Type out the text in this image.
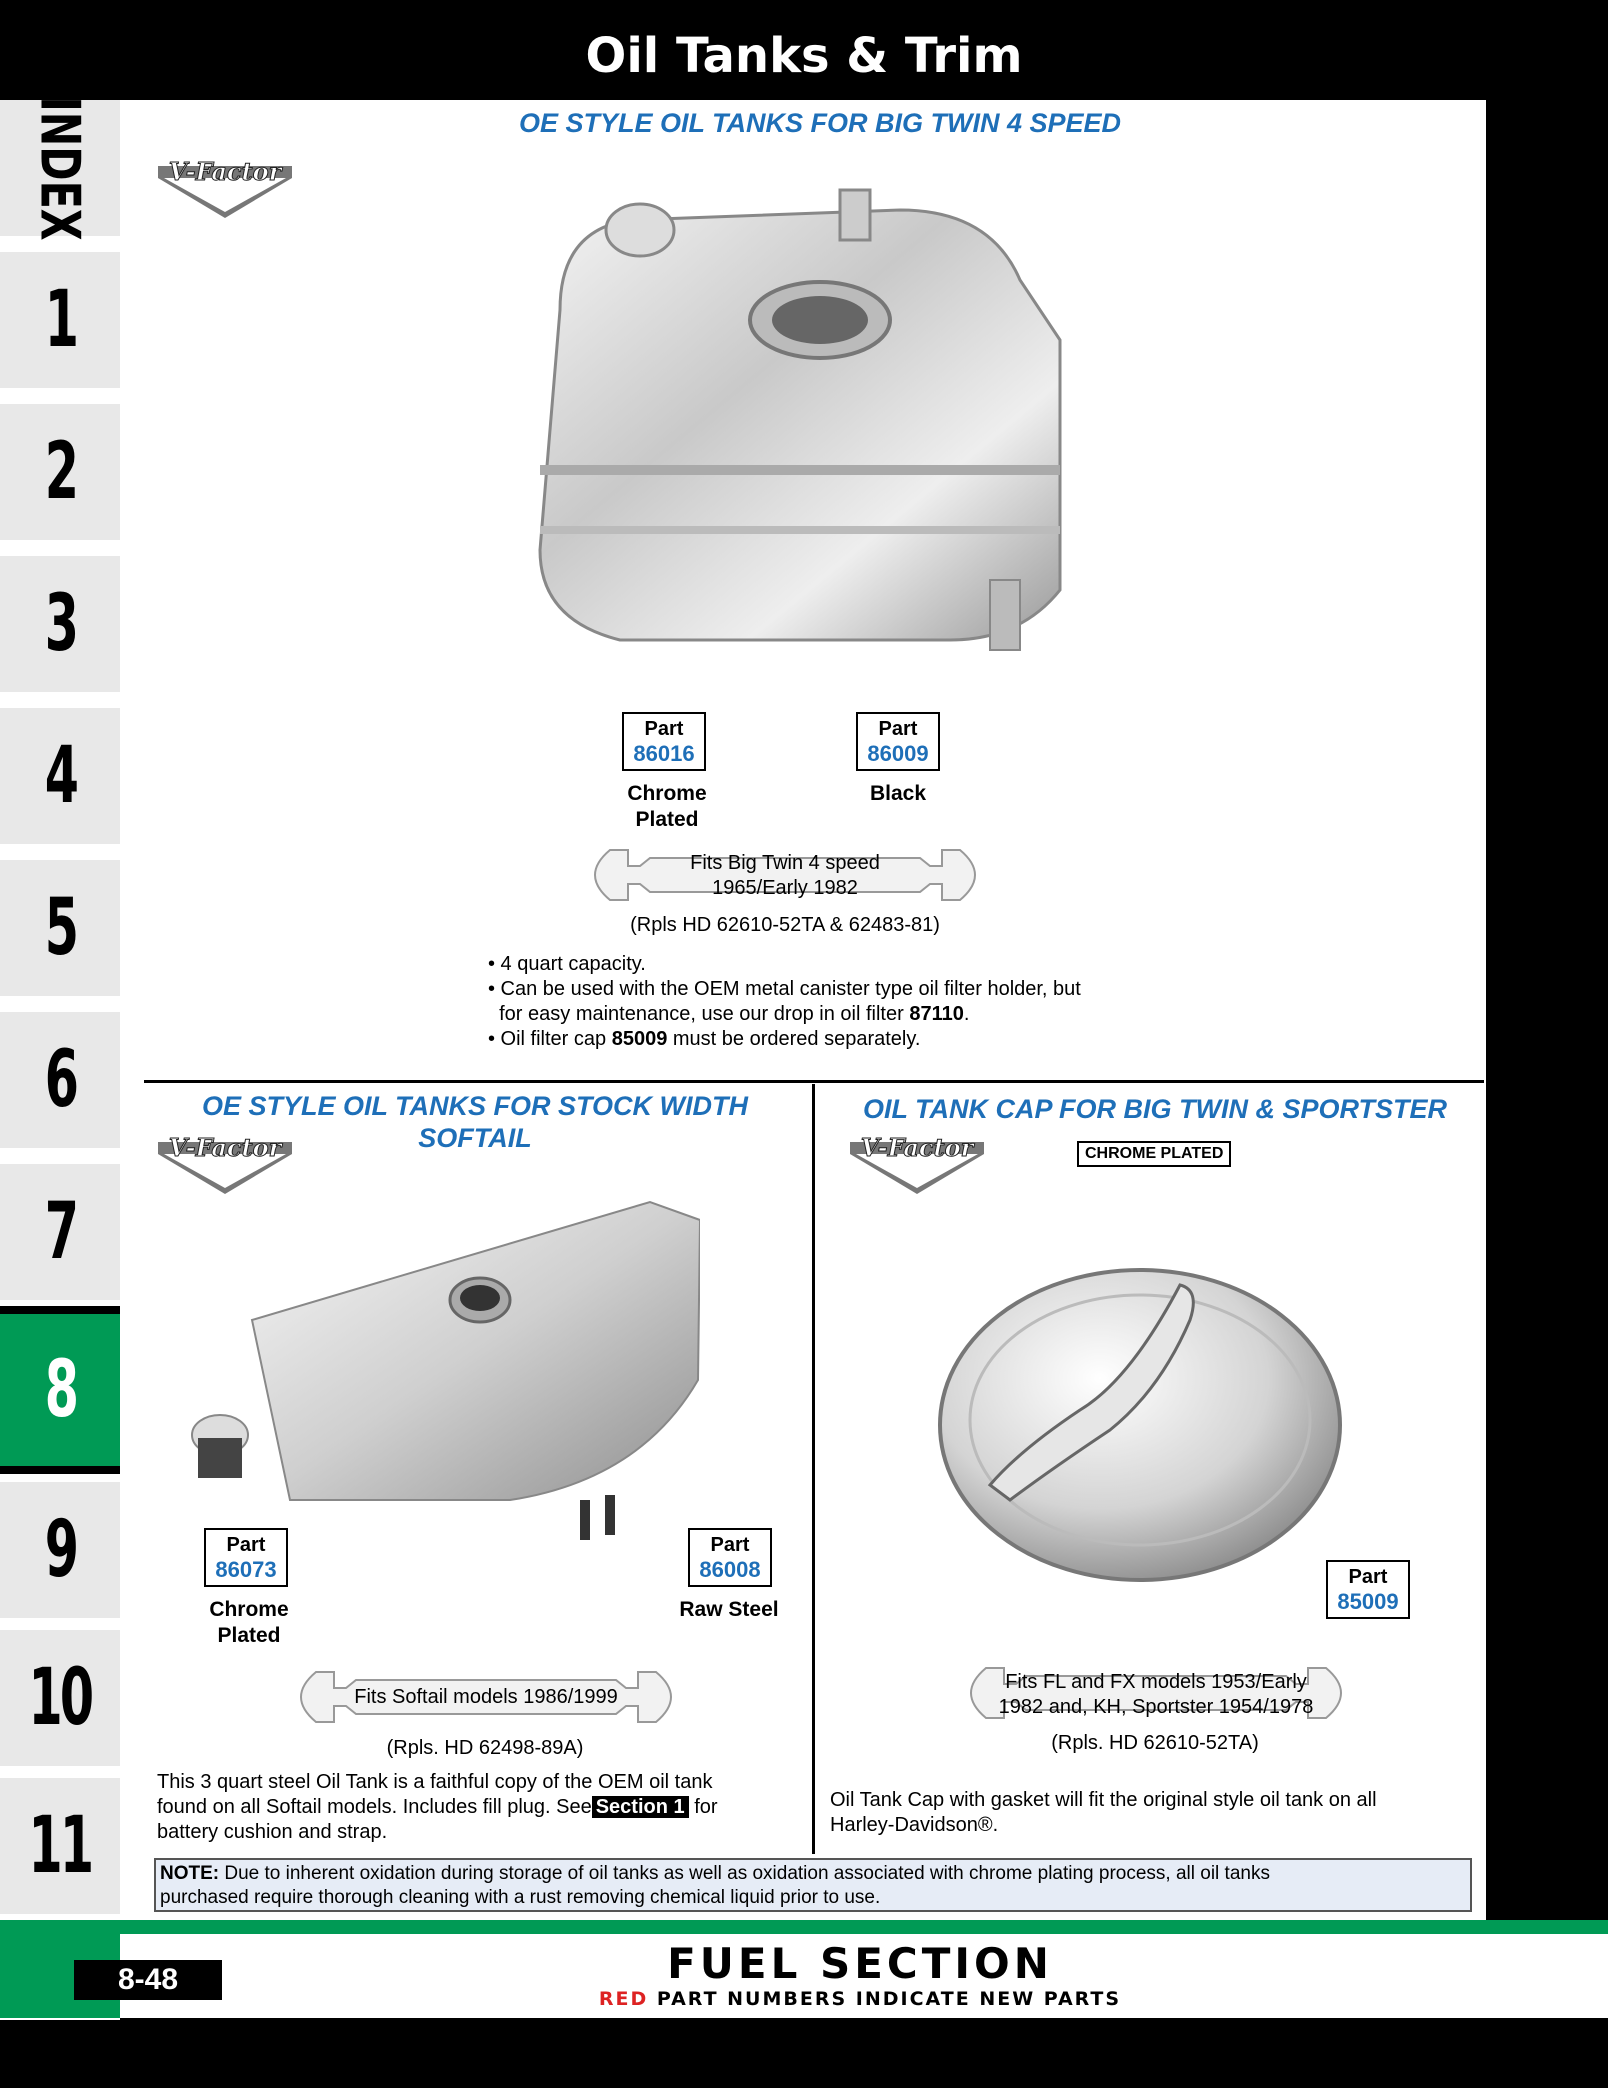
Oil Tanks & Trim
INDEX
1
2
3
4
5
6
7
8
9
10
11
OE STYLE OIL TANKS FOR BIG TWIN 4 SPEED
V-Factor
Part
86016
Chrome
Plated
Part
86009
Black
Fits Big Twin 4 speed
1965/Early 1982
(Rpls HD 62610-52TA & 62483-81)
• 4 quart capacity.
• Can be used with the OEM metal canister type oil filter holder, but
for easy maintenance, use our drop in oil filter 87110.
• Oil filter cap 85009 must be ordered separately.
OE STYLE OIL TANKS FOR STOCK WIDTH
SOFTAIL
V-Factor
Part
86073
Chrome
Plated
Part
86008
Raw Steel
Fits Softail models 1986/1999
(Rpls. HD 62498-89A)
This 3 quart steel Oil Tank is a faithful copy of the OEM oil tank
found on all Softail models. Includes fill plug. See Section 1 for
battery cushion and strap.
OIL TANK CAP FOR BIG TWIN & SPORTSTER
V-Factor	CHROME PLATED
Part
85009
Fits FL and FX models 1953/Early
1982 and, KH, Sportster 1954/1978
(Rpls. HD 62610-52TA)
Oil Tank Cap with gasket will fit the original style oil tank on all
Harley-Davidson®.
NOTE: Due to inherent oxidation during storage of oil tanks as well as oxidation associated with chrome plating process, all oil tanks
purchased require thorough cleaning with a rust removing chemical liquid prior to use.
8-48	FUEL SECTION
RED PART NUMBERS INDICATE NEW PARTS
